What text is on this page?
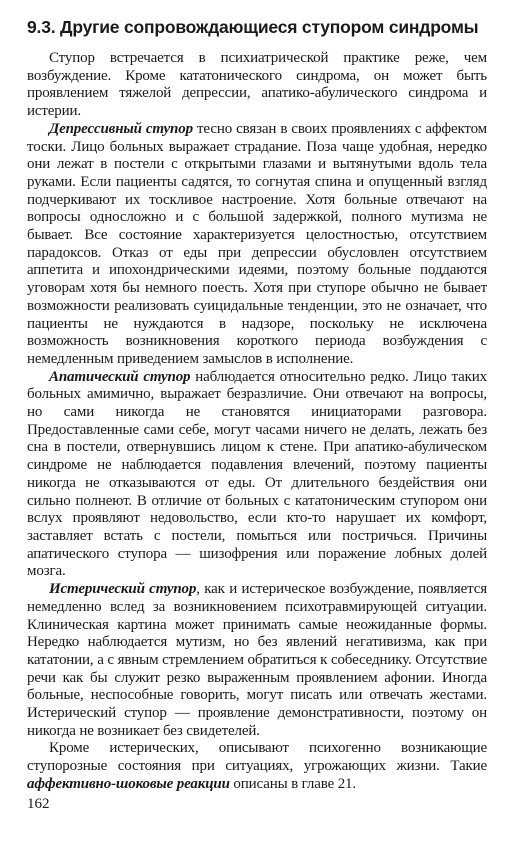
9.3. Другие сопровождающиеся ступором синдромы

Ступор встречается в психиатрической практике реже, чем возбуждение. Кроме кататонического синдрома, он может быть проявлением тяжелой депрессии, апатико-абулического синдрома и истерии.

Депрессивный ступор тесно связан в своих проявлениях с аффектом тоски. Лицо больных выражает страдание. Поза чаще удобная, нередко они лежат в постели с открытыми глазами и вытянутыми вдоль тела руками. Если пациенты садятся, то согнутая спина и опущенный взгляд подчеркивают их тоскливое настроение. Хотя больные отвечают на вопросы односложно и с большой задержкой, полного мутизма не бывает. Все состояние характеризуется целостностью, отсутствием парадоксов. Отказ от еды при депрессии обусловлен отсутствием аппетита и ипохондрическими идеями, поэтому больные поддаются уговорам хотя бы немного поесть. Хотя при ступоре обычно не бывает возможности реализовать суицидальные тенденции, это не означает, что пациенты не нуждаются в надзоре, поскольку не исключена возможность возникновения короткого периода возбуждения с немедленным приведением замыслов в исполнение.

Апатический ступор наблюдается относительно редко. Лицо таких больных амимично, выражает безразличие. Они отвечают на вопросы, но сами никогда не становятся инициаторами разговора. Предоставленные сами себе, могут часами ничего не делать, лежать без сна в постели, отвернувшись лицом к стене. При апатико-абулическом синдроме не наблюдается подавления влечений, поэтому пациенты никогда не отказываются от еды. От длительного бездействия они сильно полнеют. В отличие от больных с кататоническим ступором они вслух проявляют недовольство, если кто-то нарушает их комфорт, заставляет встать с постели, помыться или постричься. Причины апатического ступора — шизофрения или поражение лобных долей мозга.

Истерический ступор, как и истерическое возбуждение, появляется немедленно вслед за возникновением психотравмирующей ситуации. Клиническая картина может принимать самые неожиданные формы. Нередко наблюдается мутизм, но без явлений негативизма, как при кататонии, а с явным стремлением обратиться к собеседнику. Отсутствие речи как бы служит резко выраженным проявлением афонии. Иногда больные, неспособные говорить, могут писать или отвечать жестами. Истерический ступор — проявление демонстративности, поэтому он никогда не возникает без свидетелей.

Кроме истерических, описывают психогенно возникающие ступорозные состояния при ситуациях, угрожающих жизни. Такие аффективно-шоковые реакции описаны в главе 21.

162
